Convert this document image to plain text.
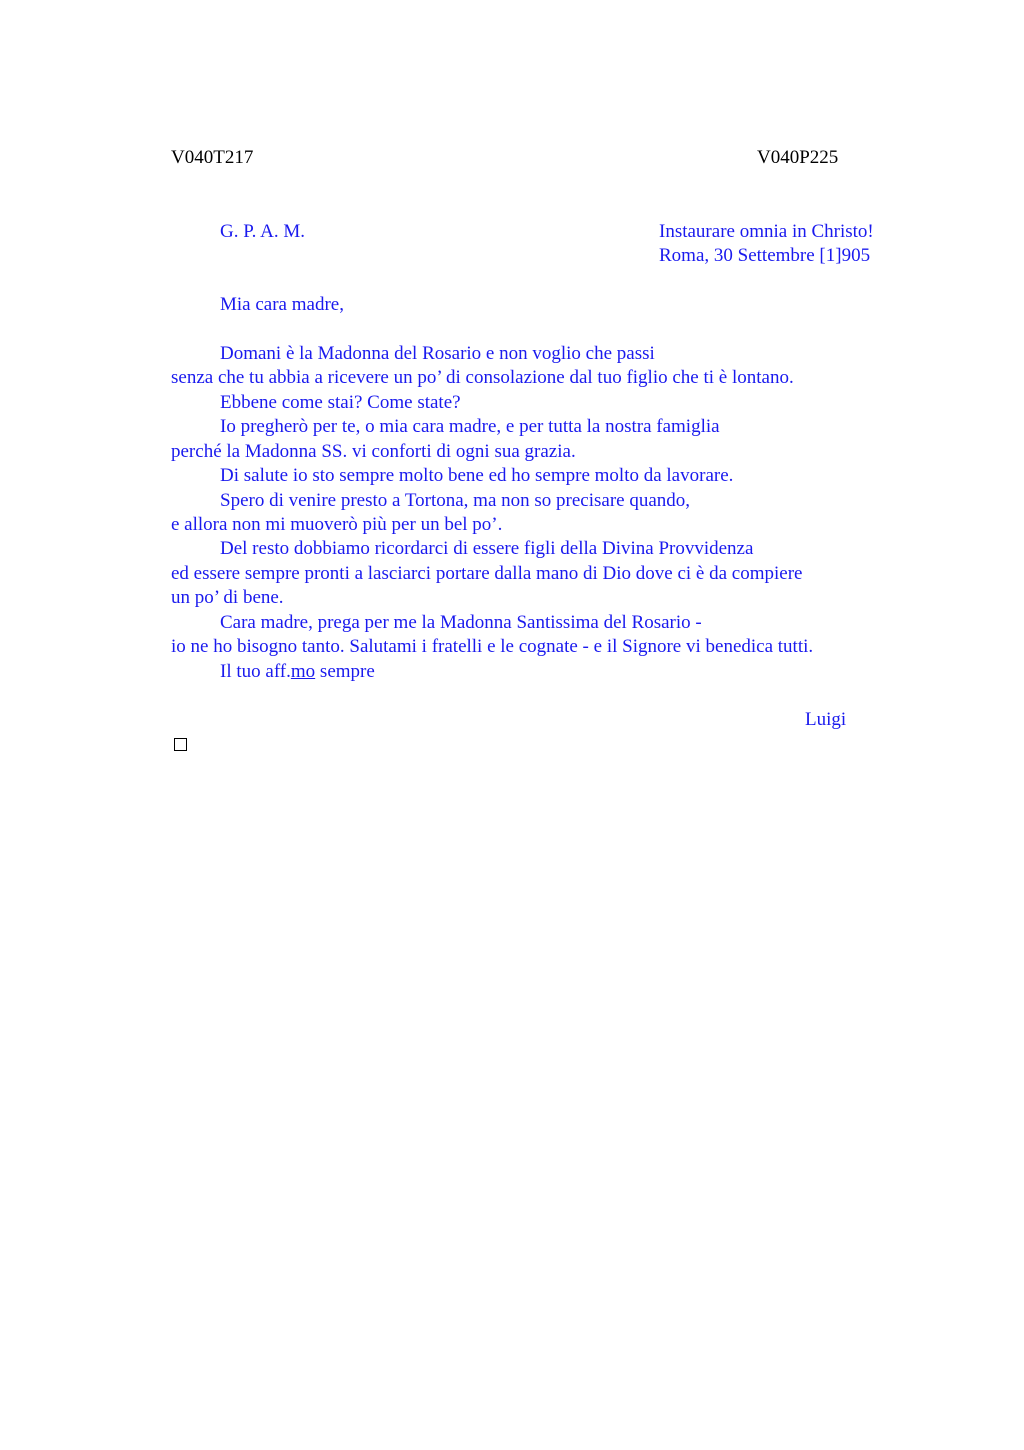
V040T217	V040P225
G. P. A. M.	Instaurare omnia in Christo!
Roma, 30 Settembre [1]905
Mia cara madre,
Domani è la Madonna del Rosario e non voglio che passi
senza che tu abbia a ricevere un po’ di consolazione dal tuo figlio che ti è lontano.
Ebbene come stai? Come state?
Io pregherò per te, o mia cara madre, e per tutta la nostra famiglia
perché la Madonna SS. vi conforti di ogni sua grazia.
Di salute io sto sempre molto bene ed ho sempre molto da lavorare.
Spero di venire presto a Tortona, ma non so precisare quando,
e allora non mi muoverò più per un bel po’.
Del resto dobbiamo ricordarci di essere figli della Divina Provvidenza
ed essere sempre pronti a lasciarci portare dalla mano di Dio dove ci è da compiere
un po’ di bene.
Cara madre, prega per me la Madonna Santissima del Rosario -
io ne ho bisogno tanto. Salutami i fratelli e le cognate - e il Signore vi benedica tutti.
Il tuo aff.mo sempre
Luigi
